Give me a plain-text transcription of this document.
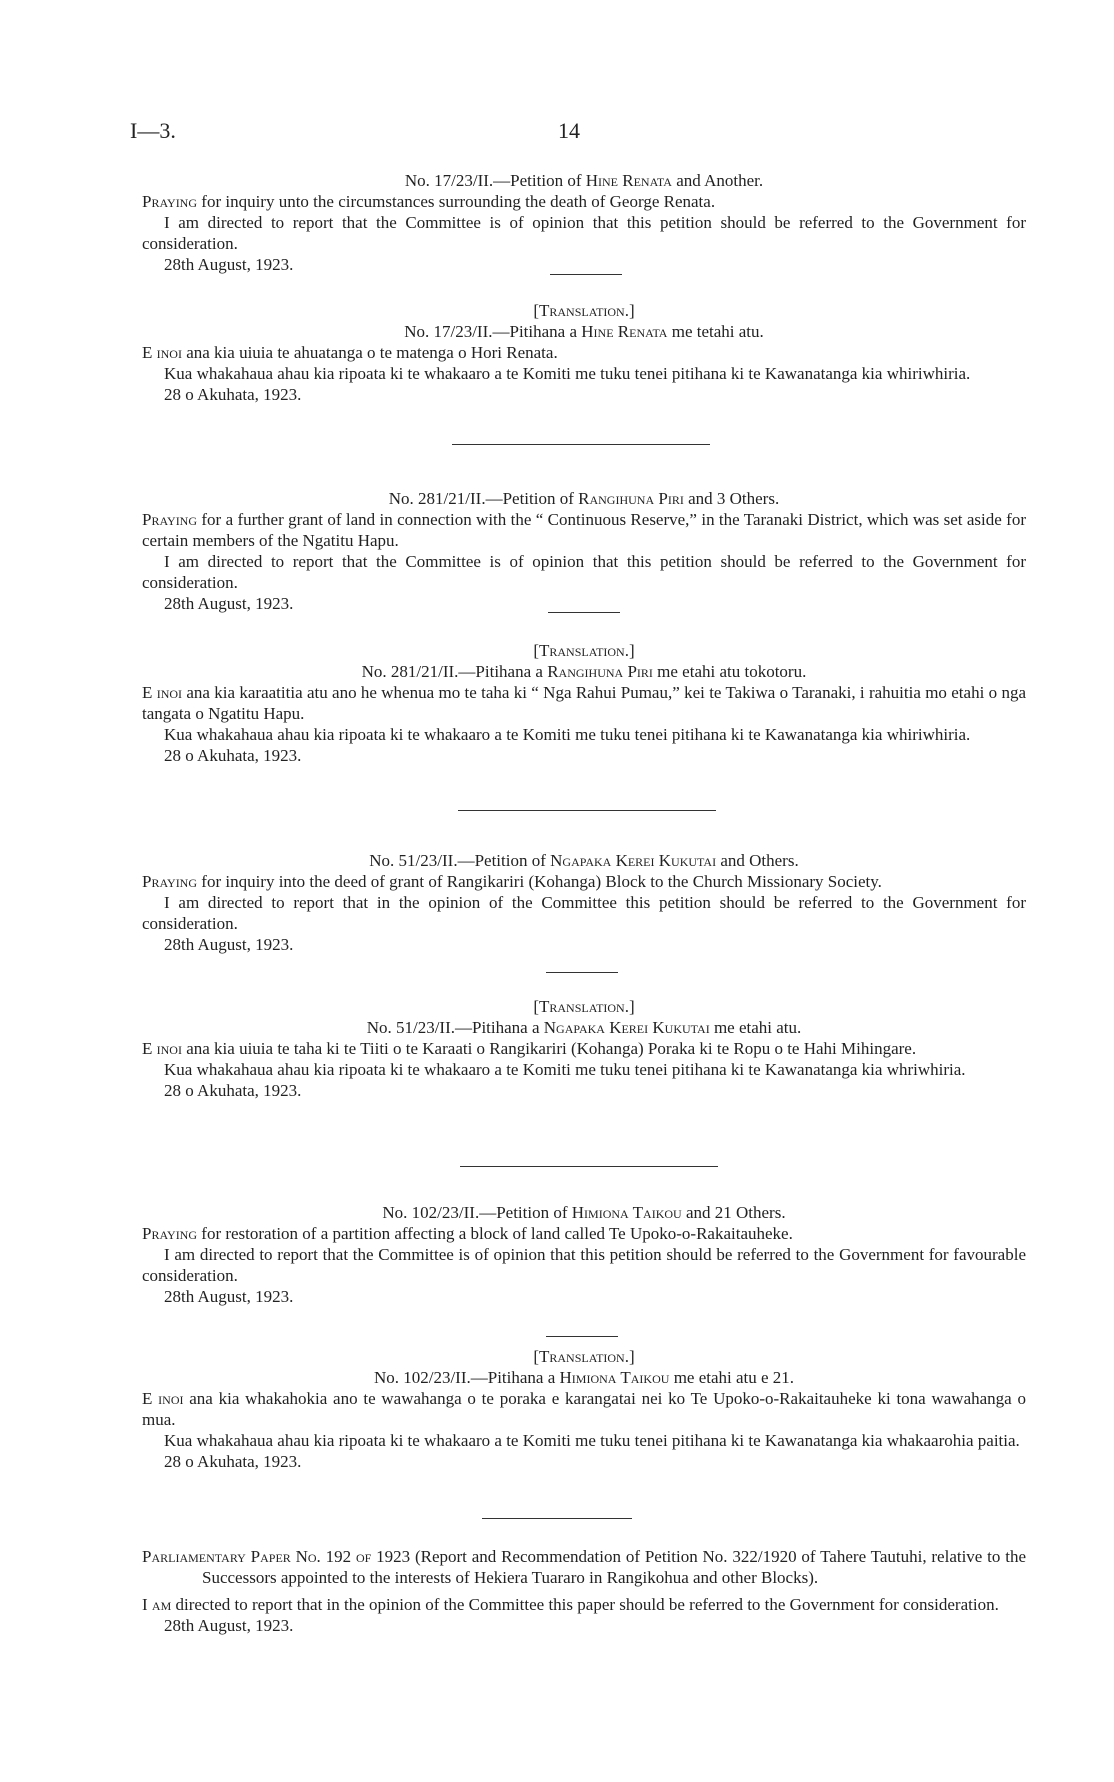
I—3.	14

No. 17/23/II.—Petition of Hine Renata and Another.

Praying for inquiry unto the circumstances surrounding the death of George Renata.

I am directed to report that the Committee is of opinion that this petition should be referred to the Government for consideration.

28th August, 1923.

[Translation.]

No. 17/23/II.—Pitihana a Hine Renata me tetahi atu.

E inoi ana kia uiuia te ahuatanga o te matenga o Hori Renata.

Kua whakahaua ahau kia ripoata ki te whakaaro a te Komiti me tuku tenei pitihana ki te Kawanatanga kia whiriwhiria.

28 o Akuhata, 1923.

No. 281/21/II.—Petition of Rangihuna Piri and 3 Others.

Praying for a further grant of land in connection with the “ Continuous Reserve,” in the Taranaki District, which was set aside for certain members of the Ngatitu Hapu.

I am directed to report that the Committee is of opinion that this petition should be referred to the Government for consideration.

28th August, 1923.

[Translation.]

No. 281/21/II.—Pitihana a Rangihuna Piri me etahi atu tokotoru.

E inoi ana kia karaatitia atu ano he whenua mo te taha ki “ Nga Rahui Pumau,” kei te Takiwa o Taranaki, i rahuitia mo etahi o nga tangata o Ngatitu Hapu.

Kua whakahaua ahau kia ripoata ki te whakaaro a te Komiti me tuku tenei pitihana ki te Kawanatanga kia whiriwhiria.

28 o Akuhata, 1923.

No. 51/23/II.—Petition of Ngapaka Kerei Kukutai and Others.

Praying for inquiry into the deed of grant of Rangikariri (Kohanga) Block to the Church Missionary Society.

I am directed to report that in the opinion of the Committee this petition should be referred to the Government for consideration.

28th August, 1923.

[Translation.]

No. 51/23/II.—Pitihana a Ngapaka Kerei Kukutai me etahi atu.

E inoi ana kia uiuia te taha ki te Tiiti o te Karaati o Rangikariri (Kohanga) Poraka ki te Ropu o te Hahi Mihingare.

Kua whakahaua ahau kia ripoata ki te whakaaro a te Komiti me tuku tenei pitihana ki te Kawanatanga kia whriwhiria.

28 o Akuhata, 1923.

No. 102/23/II.—Petition of Himiona Taikou and 21 Others.

Praying for restoration of a partition affecting a block of land called Te Upoko-o-Rakaitauheke.

I am directed to report that the Committee is of opinion that this petition should be referred to the Government for favourable consideration.

28th August, 1923.

[Translation.]

No. 102/23/II.—Pitihana a Himiona Taikou me etahi atu e 21.

E inoi ana kia whakahokia ano te wawahanga o te poraka e karangatai nei ko Te Upoko-o-Rakaitauheke ki tona wawahanga o mua.

Kua whakahaua ahau kia ripoata ki te whakaaro a te Komiti me tuku tenei pitihana ki te Kawanatanga kia whakaarohia paitia.

28 o Akuhata, 1923.

Parliamentary Paper No. 192 of 1923 (Report and Recommendation of Petition No. 322/1920 of Tahere Tautuhi, relative to the Successors appointed to the interests of Hekiera Tuararo in Rangikohua and other Blocks).

I am directed to report that in the opinion of the Committee this paper should be referred to the Government for consideration.

28th August, 1923.
